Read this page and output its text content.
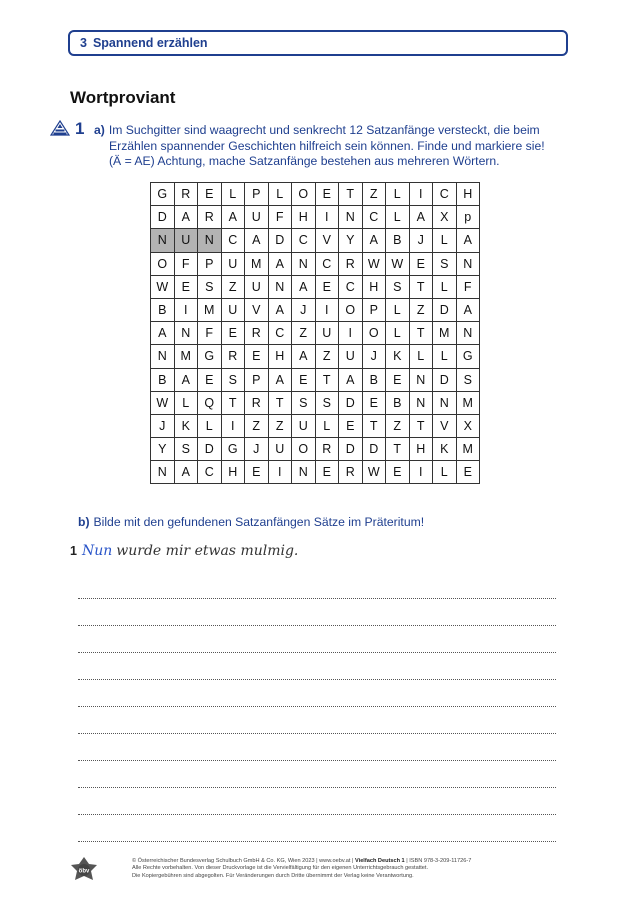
3 Spannend erzählen
Wortproviant
1 a) Im Suchgitter sind waagrecht und senkrecht 12 Satzanfänge versteckt, die beim
Erzählen spannender Geschichten hilfreich sein können. Finde und markiere sie!
(Ä = AE) Achtung, mache Satzanfänge bestehen aus mehreren Wörtern.
G	R	E	L	P	L	O	E	T	Z	L	I	C	H
D	A	R	A	U	F	H	I	N	C	L	A	X	p
N	U	N	C	A	D	C	V	Y	A	B	J	L	A
O	F	P	U	M	A	N	C	R	W	W	E	S	N
W	E	S	Z	U	N	A	E	C	H	S	T	L	F
B	I	M	U	V	A	J	I	O	P	L	Z	D	A
A	N	F	E	R	C	Z	U	I	O	L	T	M	N
N	M	G	R	E	H	A	Z	U	J	K	L	L	G
B	A	E	S	P	A	E	T	A	B	E	N	D	S
W	L	Q	T	R	T	S	S	D	E	B	N	N	M
J	K	L	I	Z	Z	U	L	E	T	Z	T	V	X
Y	S	D	G	J	U	O	R	D	D	T	H	K	M
N	A	C	H	E	I	N	E	R	W	E	I	L	E
b) Bilde mit den gefundenen Satzanfängen Sätze im Präteritum!
1 Nun wurde mir etwas mulmig.
öbv
© Österreichischer Bundesverlag Schulbuch GmbH & Co. KG, Wien 2023 | www.oebv.at | Vielfach Deutsch 1 | ISBN 978-3-209-11726-7
Alle Rechte vorbehalten. Von dieser Druckvorlage ist die Vervielfältigung für den eigenen Unterrichtsgebrauch gestattet.
Die Kopiergebühren sind abgegolten. Für Veränderungen durch Dritte übernimmt der Verlag keine Verantwortung.
